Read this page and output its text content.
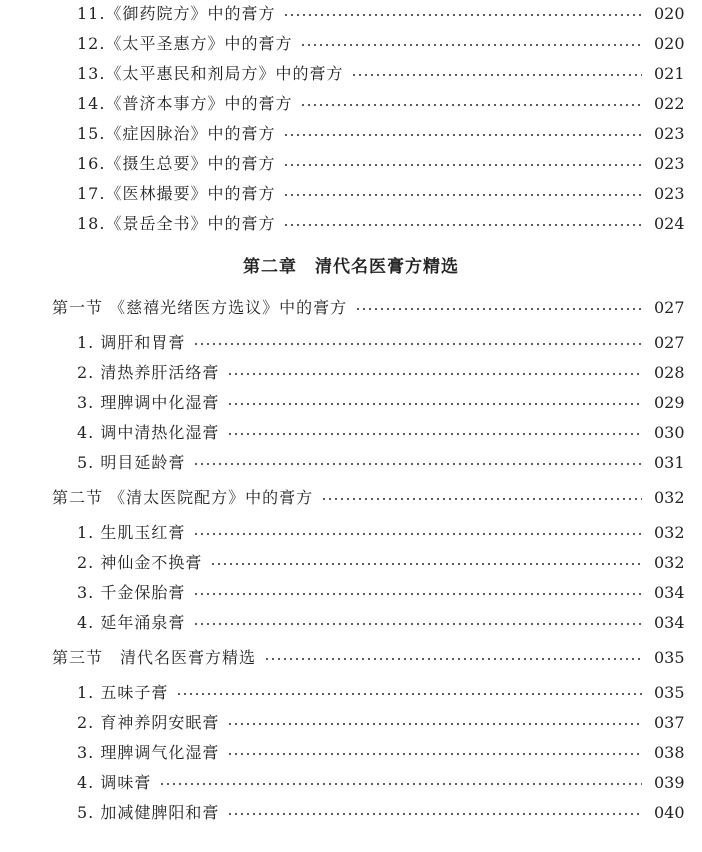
11.《御药院方》中的膏方	020
12.《太平圣惠方》中的膏方	020
13.《太平惠民和剂局方》中的膏方	021
14.《普济本事方》中的膏方	022
15.《症因脉治》中的膏方	023
16.《摄生总要》中的膏方	023
17.《医林撮要》中的膏方	023
18.《景岳全书》中的膏方	024
第二章　清代名医膏方精选
第一节 《慈禧光绪医方选议》中的膏方	027
1. 调肝和胃膏	027
2. 清热养肝活络膏	028
3. 理脾调中化湿膏	029
4. 调中清热化湿膏	030
5. 明目延龄膏	031
第二节 《清太医院配方》中的膏方	032
1. 生肌玉红膏	032
2. 神仙金不换膏	032
3. 千金保胎膏	034
4. 延年涌泉膏	034
第三节　清代名医膏方精选	035
1. 五味子膏	035
2. 育神养阴安眠膏	037
3. 理脾调气化湿膏	038
4. 调味膏	039
5. 加减健脾阳和膏	040
